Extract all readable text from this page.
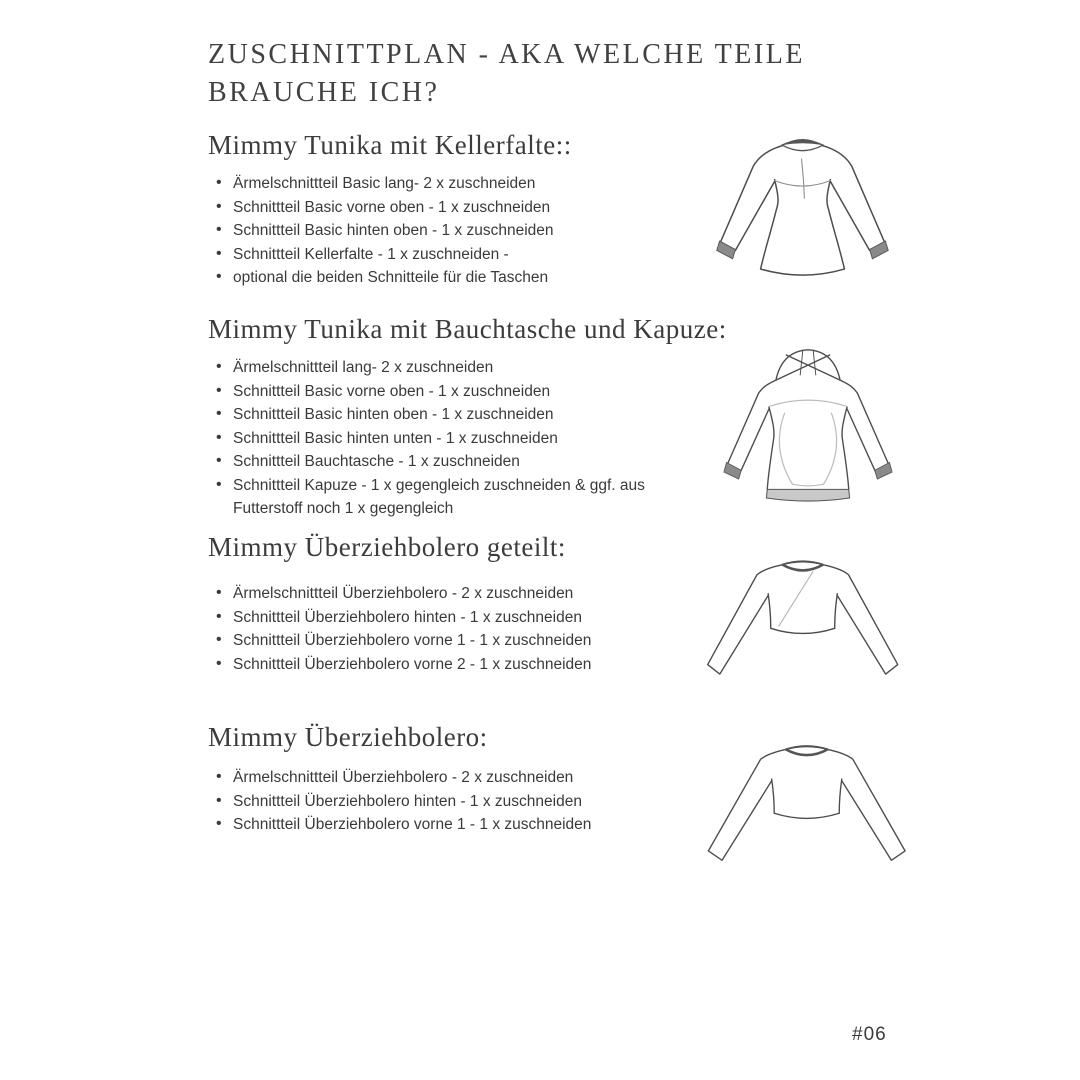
ZUSCHNITTPLAN - AKA WELCHE TEILE BRAUCHE ICH?
Mimmy Tunika mit Kellerfalte::
• Ärmelschnittteil Basic lang- 2 x zuschneiden
• Schnittteil Basic vorne oben - 1 x zuschneiden
• Schnittteil Basic hinten oben - 1 x zuschneiden
• Schnittteil Kellerfalte - 1 x zuschneiden -
• optional die beiden Schnitteile für die Taschen
Mimmy Tunika mit Bauchtasche und Kapuze:
• Ärmelschnittteil lang- 2 x zuschneiden
• Schnittteil Basic vorne oben - 1 x zuschneiden
• Schnittteil Basic hinten oben - 1 x zuschneiden
• Schnittteil Basic hinten unten - 1 x zuschneiden
• Schnittteil Bauchtasche - 1 x zuschneiden
• Schnittteil Kapuze - 1 x gegengleich zuschneiden & ggf. aus Futterstoff noch 1 x gegengleich
Mimmy Überziehbolero geteilt:
• Ärmelschnittteil Überziehbolero - 2 x zuschneiden
• Schnittteil Überziehbolero hinten - 1 x zuschneiden
• Schnittteil Überziehbolero vorne 1 - 1 x zuschneiden
• Schnittteil Überziehbolero vorne 2 - 1 x zuschneiden
Mimmy Überziehbolero:
• Ärmelschnittteil Überziehbolero - 2 x zuschneiden
• Schnittteil Überziehbolero hinten - 1 x zuschneiden
• Schnittteil Überziehbolero vorne 1 - 1 x zuschneiden
#06
